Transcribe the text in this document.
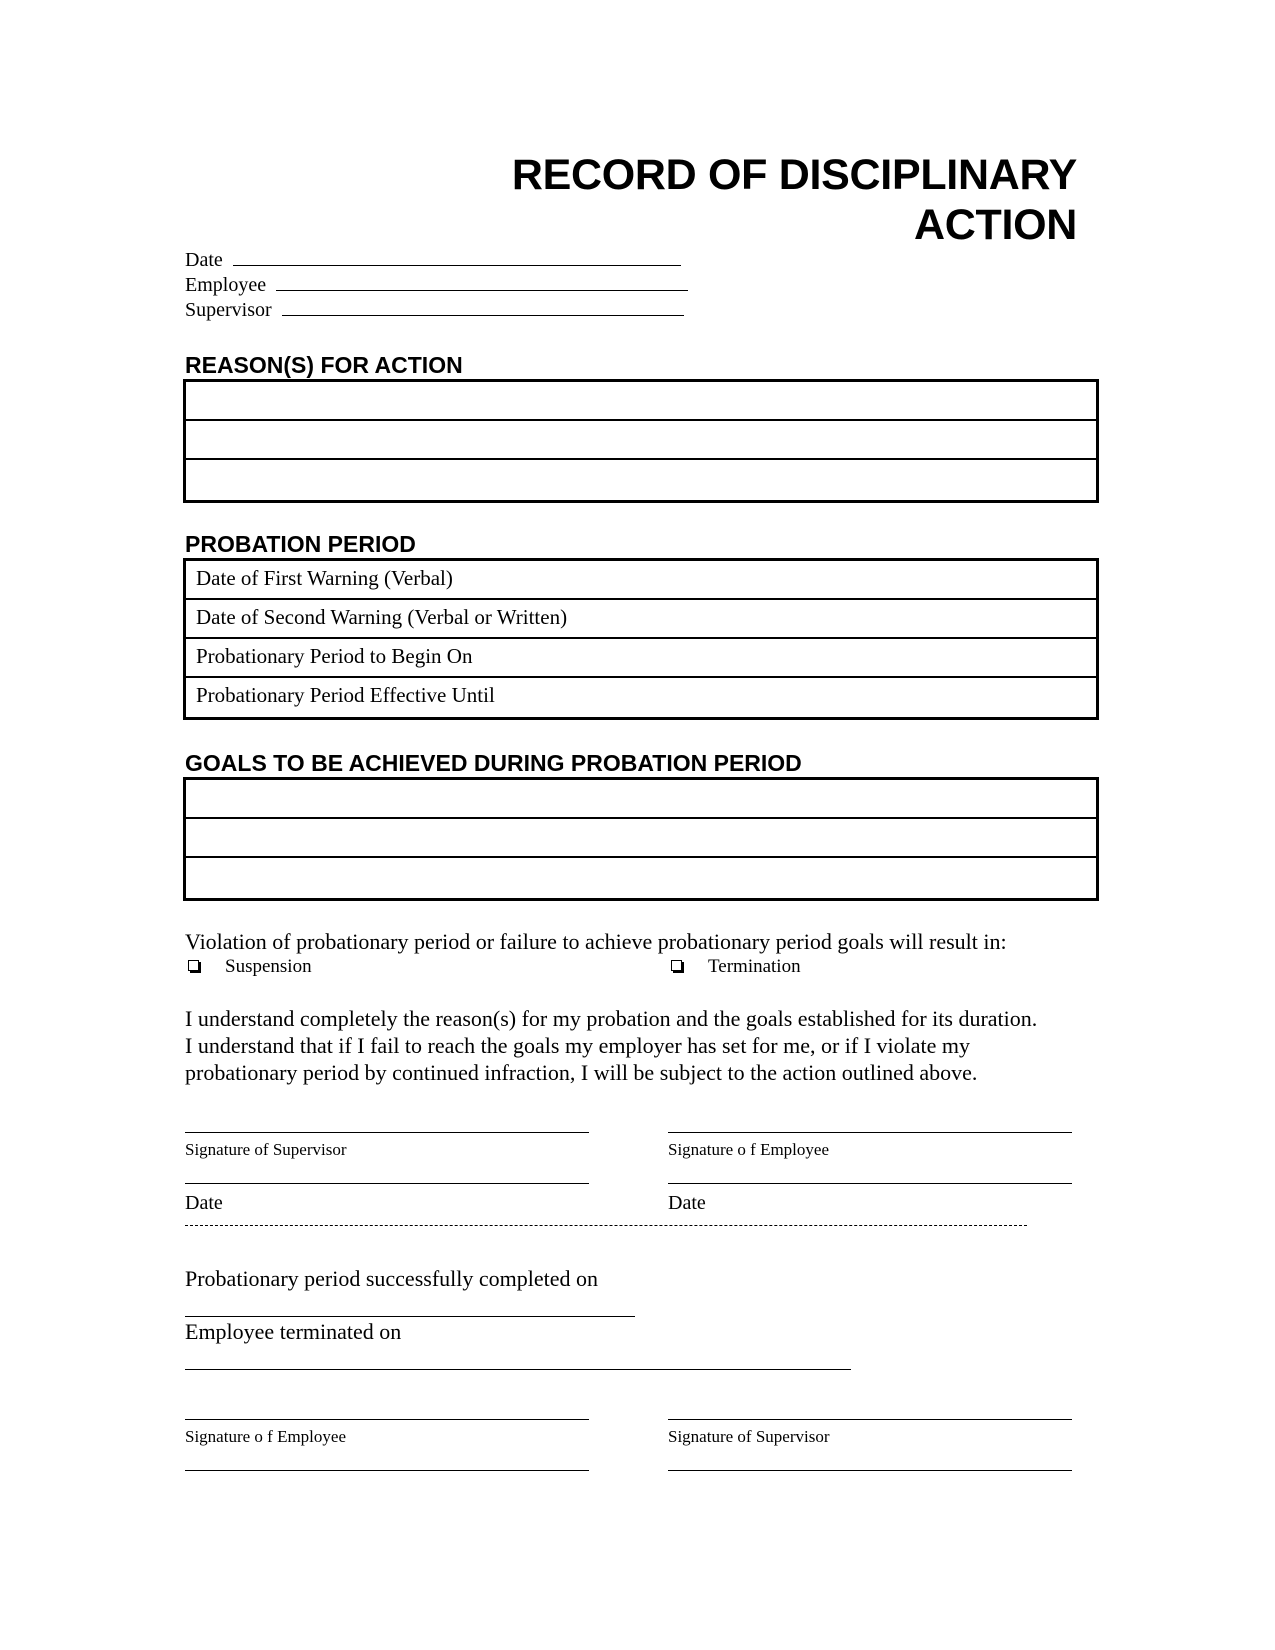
RECORD OF DISCIPLINARY
ACTION
Date
Employee
Supervisor
REASON(S) FOR ACTION
PROBATION PERIOD
Date of First Warning (Verbal)
Date of Second Warning (Verbal or Written)
Probationary Period to Begin On
Probationary Period Effective Until
GOALS TO BE ACHIEVED DURING PROBATION PERIOD
Violation of probationary period or failure to achieve probationary period goals will result in:
Suspension	Termination
I understand completely the reason(s) for my probation and the goals established for its duration.
I understand that if I fail to reach the goals my employer has set for me, or if I violate my
probationary period by continued infraction, I will be subject to the action outlined above.
Signature of Supervisor	Signature o f Employee
Date	Date
Probationary period successfully completed on
Employee terminated on
Signature o f Employee	Signature of Supervisor
